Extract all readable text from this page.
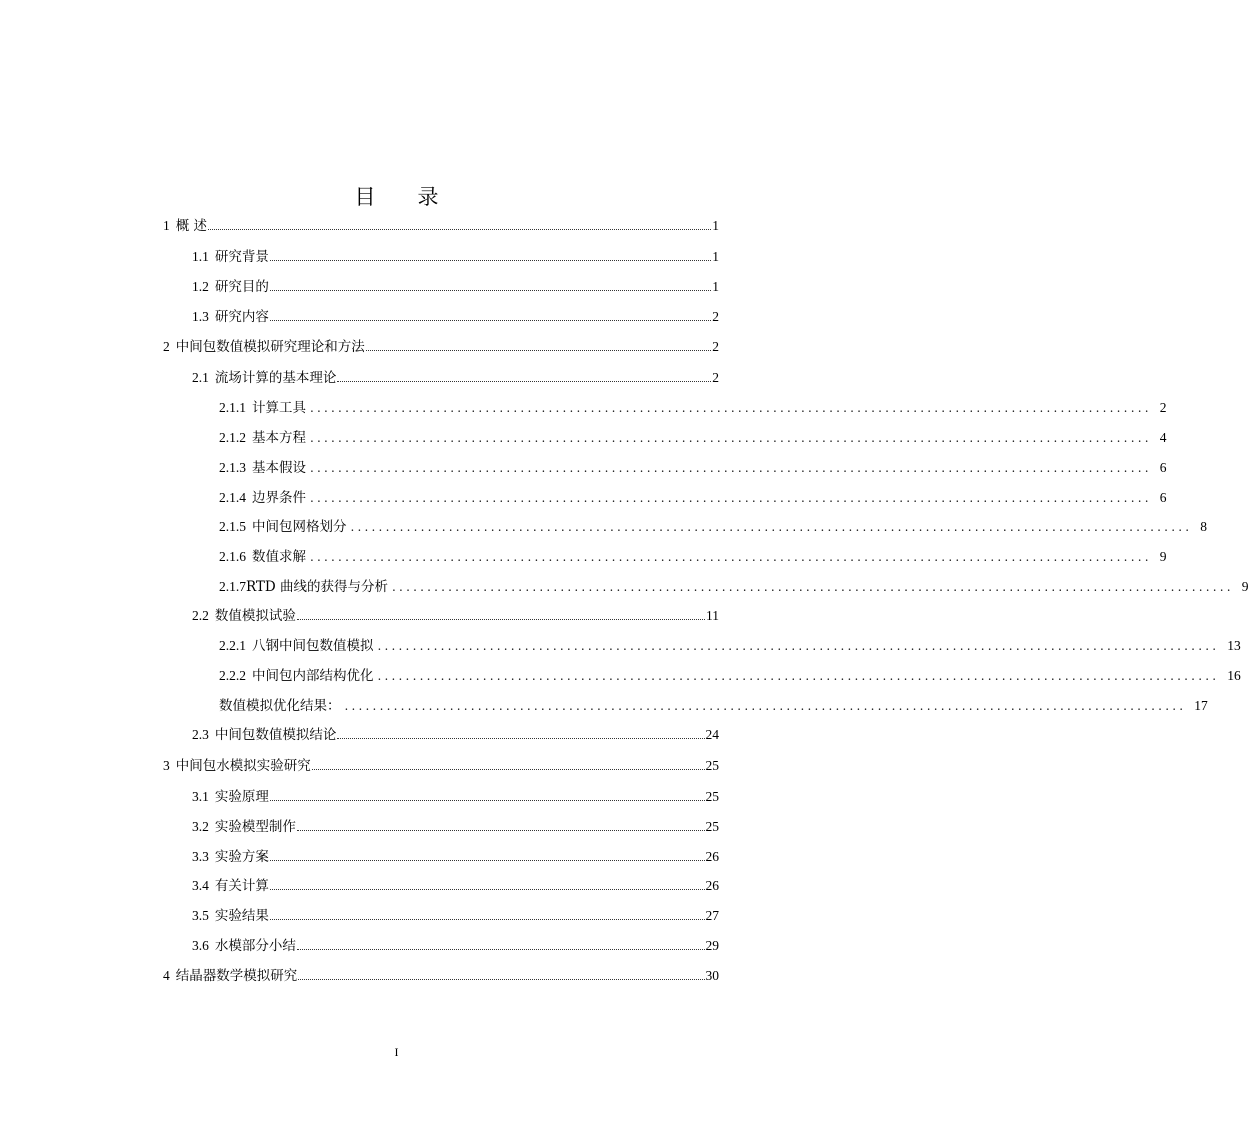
目 录
1 概 述	1
1.1 研究背景	1
1.2 研究目的	1
1.3 研究内容	2
2 中间包数值模拟研究理论和方法	2
2.1 流场计算的基本理论	2
2.1.1 计算工具 ........................................................................................................................ 2
2.1.2 基本方程 ........................................................................................................................ 4
2.1.3 基本假设 ........................................................................................................................ 6
2.1.4 边界条件 ........................................................................................................................ 6
2.1.5 中间包网格划分 ........................................................................................................................ 8
2.1.6 数值求解 ........................................................................................................................ 9
2.1.7RTD 曲线的获得与分析 ........................................................................................................................ 9
2.2 数值模拟试验	11
2.2.1 八钢中间包数值模拟 ........................................................................................................................ 13
2.2.2 中间包内部结构优化 ........................................................................................................................ 16
数值模拟优化结果： ........................................................................................................................ 17
2.3 中间包数值模拟结论	24
3 中间包水模拟实验研究	25
3.1 实验原理	25
3.2 实验模型制作	25
3.3 实验方案	26
3.4 有关计算	26
3.5 实验结果	27
3.6 水模部分小结	29
4 结晶器数学模拟研究	30
I
